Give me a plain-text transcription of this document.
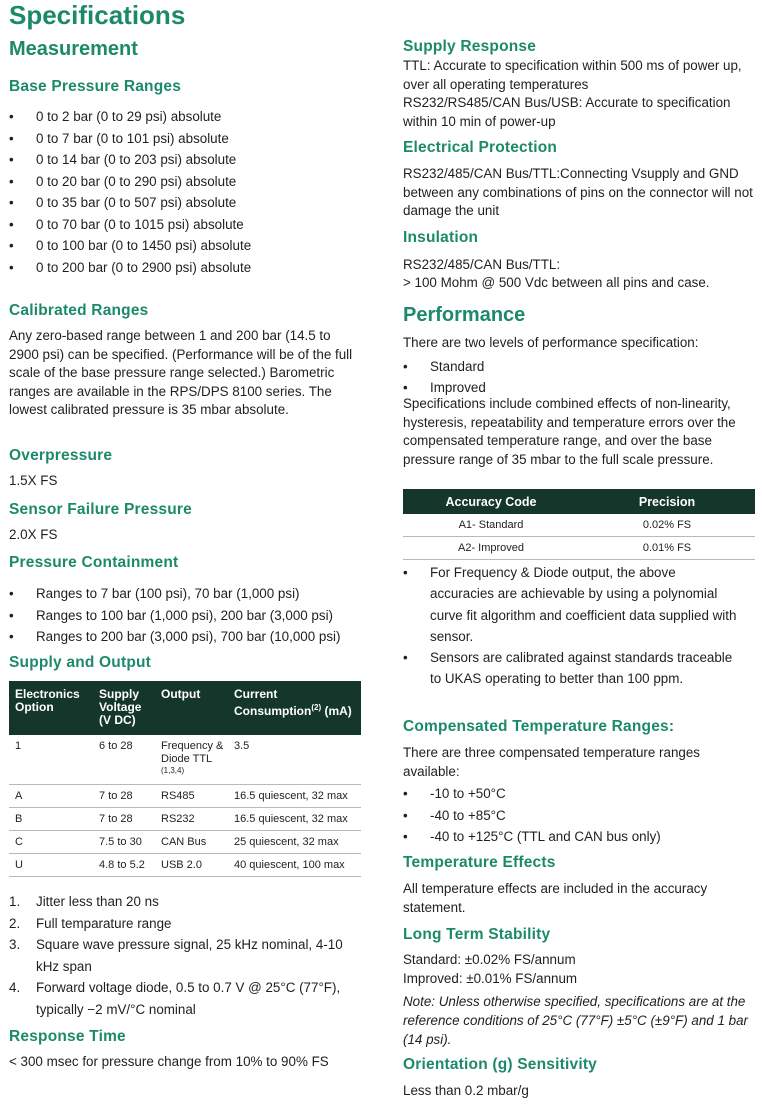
Specifications
Measurement
Base Pressure Ranges
• 0 to 2 bar (0 to 29 psi) absolute
• 0 to 7 bar (0 to 101 psi) absolute
• 0 to 14 bar (0 to 203 psi) absolute
• 0 to 20 bar (0 to 290 psi) absolute
• 0 to 35 bar (0 to 507 psi) absolute
• 0 to 70 bar (0 to 1015 psi) absolute
• 0 to 100 bar (0 to 1450 psi) absolute
• 0 to 200 bar (0 to 2900 psi) absolute
Calibrated Ranges

Any zero-based range between 1 and 200 bar (14.5 to 2900 psi) can be specified. (Performance will be of the full scale of the base pressure range selected.) Barometric ranges are available in the RPS/DPS 8100 series. The lowest calibrated pressure is 35 mbar absolute.

Overpressure

1.5X FS

Sensor Failure Pressure

2.0X FS

Pressure Containment
• Ranges to 7 bar (100 psi), 70 bar (1,000 psi)
• Ranges to 100 bar (1,000 psi), 200 bar (3,000 psi)
• Ranges to 200 bar (3,000 psi), 700 bar (10,000 psi)
Supply and Output
Electronics Option	Supply Voltage (V DC)	Output	Current Consumption$^{(2)}$ (mA)
1	6 to 28	Frequency & Diode TTL $^{(1,3,4)}$	3.5
A	7 to 28	RS485	16.5 quiescent, 32 max
B	7 to 28	RS232	16.5 quiescent, 32 max
C	7.5 to 30	CAN Bus	25 quiescent, 32 max
U	4.8 to 5.2	USB 2.0	40 quiescent, 100 max
1. Jitter less than 20 ns
2. Full temparature range
3. Square wave pressure signal, 25 kHz nominal, 4-10 kHz span
4. Forward voltage diode, 0.5 to 0.7 V @ 25°C (77°F), typically −2 mV/°C nominal
Response Time

< 300 msec for pressure change from 10% to 90% FS

Supply Response

TTL: Accurate to specification within 500 ms of power up, over all operating temperatures

RS232/RS485/CAN Bus/USB: Accurate to specification within 10 min of power-up

Electrical Protection

RS232/485/CAN Bus/TTL:Connecting Vsupply and GND between any combinations of pins on the connector will not damage the unit

Insulation

RS232/485/CAN Bus/TTL:

> 100 Mohm @ 500 Vdc between all pins and case.

Performance

There are two levels of performance specification:

• Standard
• Improved

Specifications include combined effects of non-linearity, hysteresis, repeatability and temperature errors over the compensated temperature range, and over the base pressure range of 35 mbar to the full scale pressure.

Accuracy Code	Precision
A1- Standard	0.02% FS
A2- Improved	0.01% FS
• For Frequency & Diode output, the above accuracies are achievable by using a polynomial curve fit algorithm and coefficient data supplied with sensor.
• Sensors are calibrated against standards traceable to UKAS operating to better than 100 ppm.
Compensated Temperature Ranges:

There are three compensated temperature ranges available:

• -10 to +50°C
• -40 to +85°C
• -40 to +125°C (TTL and CAN bus only)
Temperature Effects

All temperature effects are included in the accuracy statement.

Long Term Stability

Standard: ±0.02% FS/annum

Improved: ±0.01% FS/annum

Note: Unless otherwise specified, specifications are at the reference conditions of 25°C (77°F) ±5°C (±9°F) and 1 bar (14 psi).

Orientation (g) Sensitivity

Less than 0.2 mbar/g
